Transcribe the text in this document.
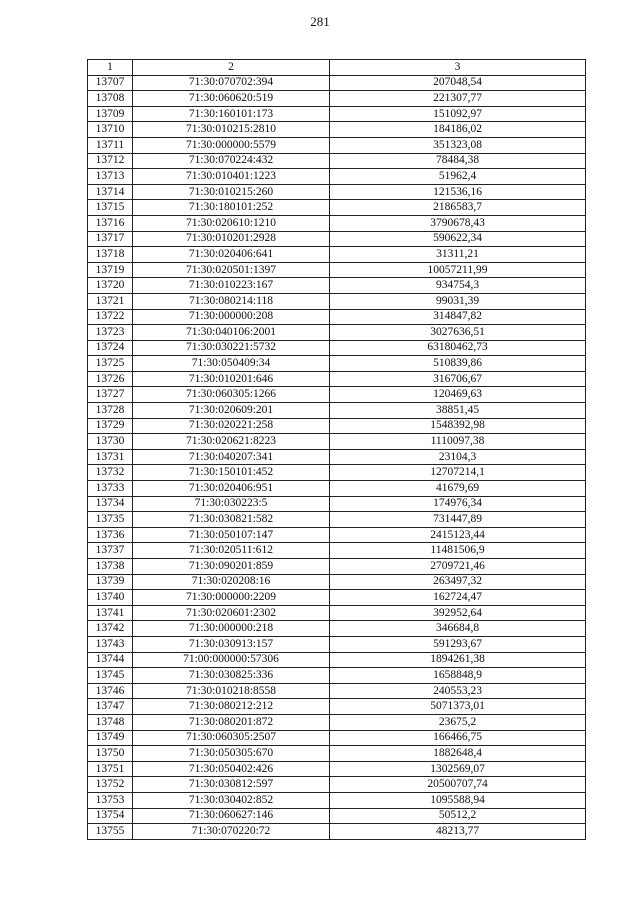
281
1	2	3
13707	71:30:070702:394	207048,54
13708	71:30:060620:519	221307,77
13709	71:30:160101:173	151092,97
13710	71:30:010215:2810	184186,02
13711	71:30:000000:5579	351323,08
13712	71:30:070224:432	78484,38
13713	71:30:010401:1223	51962,4
13714	71:30:010215:260	121536,16
13715	71:30:180101:252	2186583,7
13716	71:30:020610:1210	3790678,43
13717	71:30:010201:2928	590622,34
13718	71:30:020406:641	31311,21
13719	71:30:020501:1397	10057211,99
13720	71:30:010223:167	934754,3
13721	71:30:080214:118	99031,39
13722	71:30:000000:208	314847,82
13723	71:30:040106:2001	3027636,51
13724	71:30:030221:5732	63180462,73
13725	71:30:050409:34	510839,86
13726	71:30:010201:646	316706,67
13727	71:30:060305:1266	120469,63
13728	71:30:020609:201	38851,45
13729	71:30:020221:258	1548392,98
13730	71:30:020621:8223	1110097,38
13731	71:30:040207:341	23104,3
13732	71:30:150101:452	12707214,1
13733	71:30:020406:951	41679,69
13734	71:30:030223:5	174976,34
13735	71:30:030821:582	731447,89
13736	71:30:050107:147	2415123,44
13737	71:30:020511:612	11481506,9
13738	71:30:090201:859	2709721,46
13739	71:30:020208:16	263497,32
13740	71:30:000000:2209	162724,47
13741	71:30:020601:2302	392952,64
13742	71:30:000000:218	346684,8
13743	71:30:030913:157	591293,67
13744	71:00:000000:57306	1894261,38
13745	71:30:030825:336	1658848,9
13746	71:30:010218:8558	240553,23
13747	71:30:080212:212	5071373,01
13748	71:30:080201:872	23675,2
13749	71:30:060305:2507	166466,75
13750	71:30:050305:670	1882648,4
13751	71:30:050402:426	1302569,07
13752	71:30:030812:597	20500707,74
13753	71:30:030402:852	1095588,94
13754	71:30:060627:146	50512,2
13755	71:30:070220:72	48213,77
